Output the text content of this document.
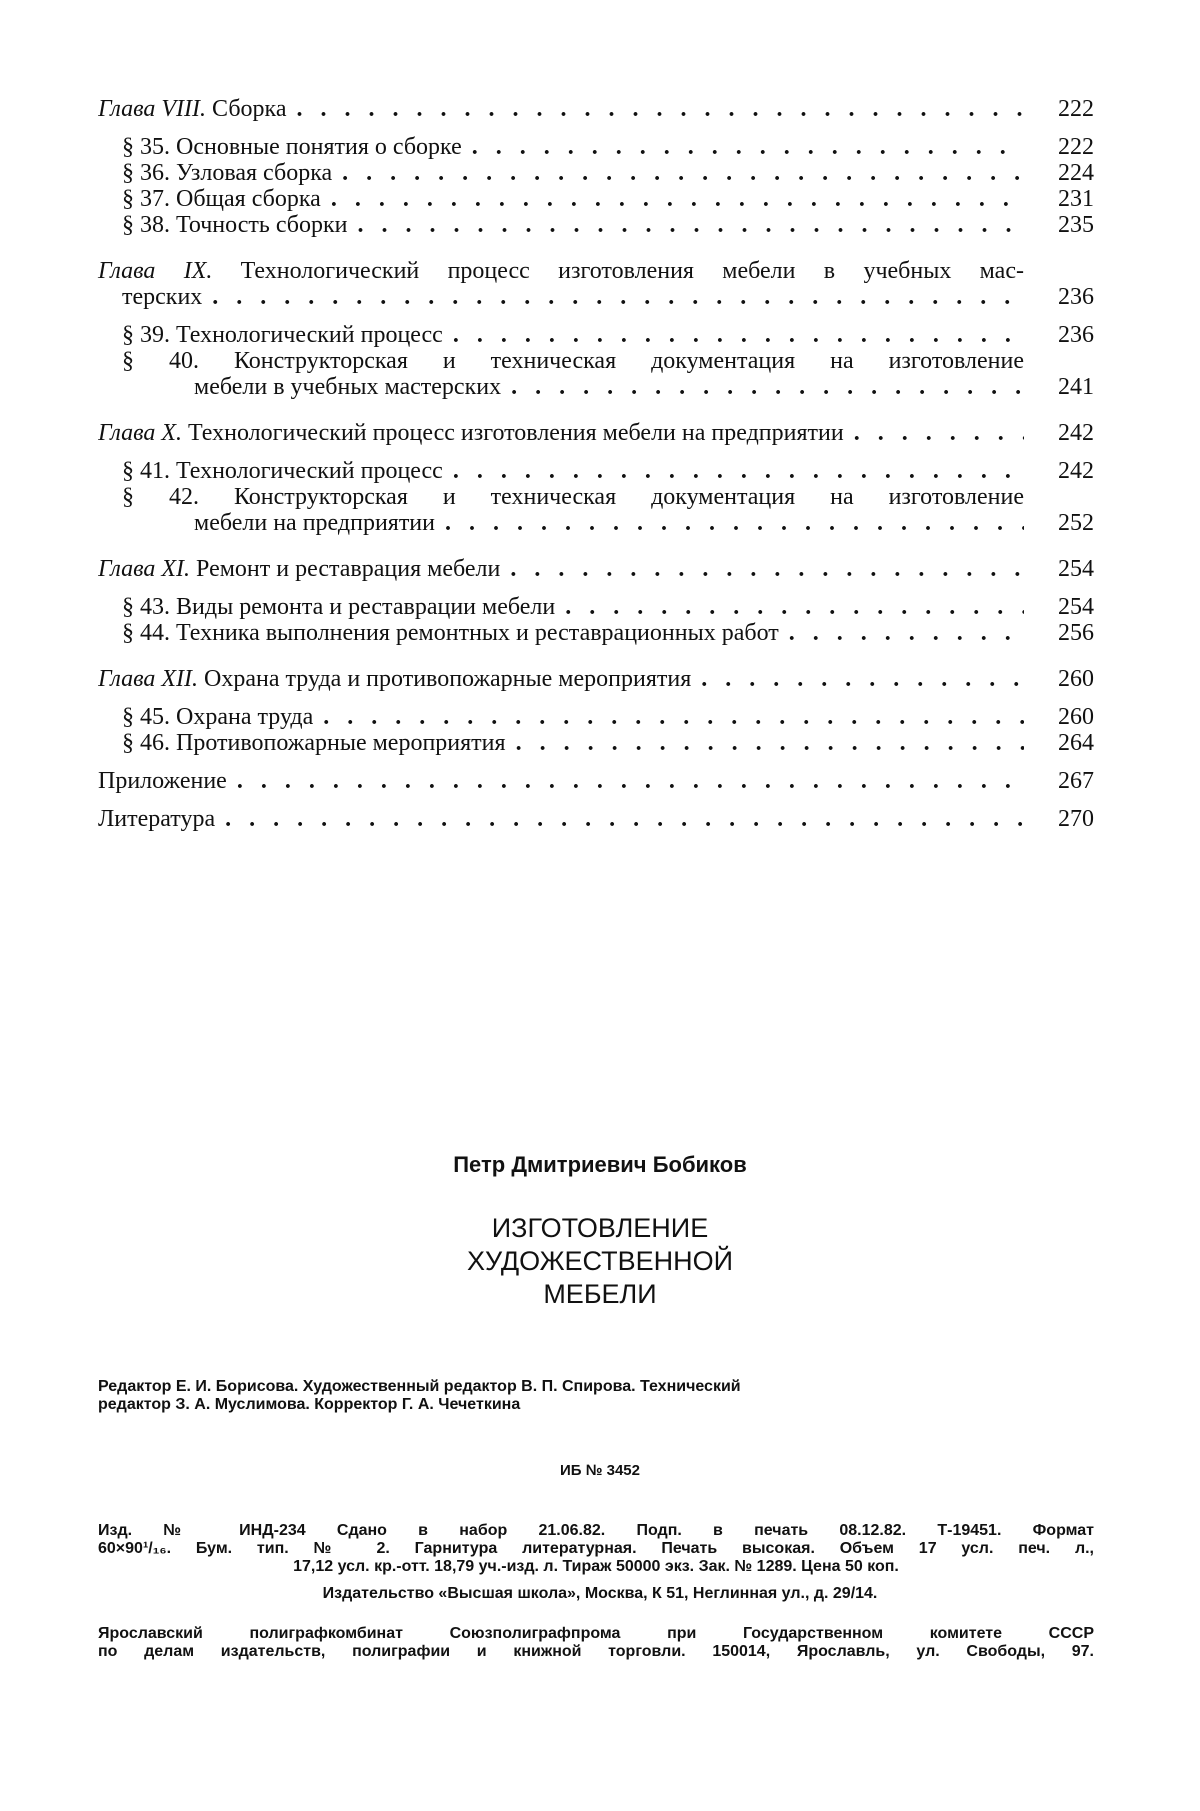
Глава VIII. Сборка . . .	222
§ 35. Основные понятия о сборке . . .	222
§ 36. Узловая сборка . . .	224
§ 37. Общая сборка . . .	231
§ 38. Точность сборки . . .	235
Глава IX. Технологический процесс изготовления мебели в учебных мас-
терских . . .	236
§ 39. Технологический процесс . . .	236
§ 40. Конструкторская и техническая документация на изготовление
мебели в учебных мастерских . . .	241
Глава X. Технологический процесс изготовления мебели на предприятии . . .	242
§ 41. Технологический процесс . . .	242
§ 42. Конструкторская и техническая документация на изготовление
мебели на предприятии . . .	252
Глава XI. Ремонт и реставрация мебели . . .	254
§ 43. Виды ремонта и реставрации мебели . . .	254
§ 44. Техника выполнения ремонтных и реставрационных работ . . .	256
Глава XII. Охрана труда и противопожарные мероприятия . . .	260
§ 45. Охрана труда . . .	260
§ 46. Противопожарные мероприятия . . .	264
Приложение . . .	267
Литература . . .	270
Петр Дмитриевич Бобиков
ИЗГОТОВЛЕНИЕ
ХУДОЖЕСТВЕННОЙ
МЕБЕЛИ
Редактор Е. И. Борисова. Художественный редактор В. П. Спирова. Технический
редактор З. А. Муслимова. Корректор Г. А. Чечеткина
ИБ № 3452
Изд. № ИНД-234 Сдано в набор 21.06.82. Подп. в печать 08.12.82. Т-19451. Формат
60×90¹/₁₆. Бум. тип. № 2. Гарнитура литературная. Печать высокая. Объем 17 усл. печ. л.,
17,12 усл. кр.-отт. 18,79 уч.-изд. л. Тираж 50000 экз. Зак. № 1289. Цена 50 коп.
Издательство «Высшая школа», Москва, К 51, Неглинная ул., д. 29/14.
Ярославский полиграфкомбинат Союзполиграфпрома при Государственном комитете СССР
по делам издательств, полиграфии и книжной торговли. 150014, Ярославль, ул. Свободы, 97.
